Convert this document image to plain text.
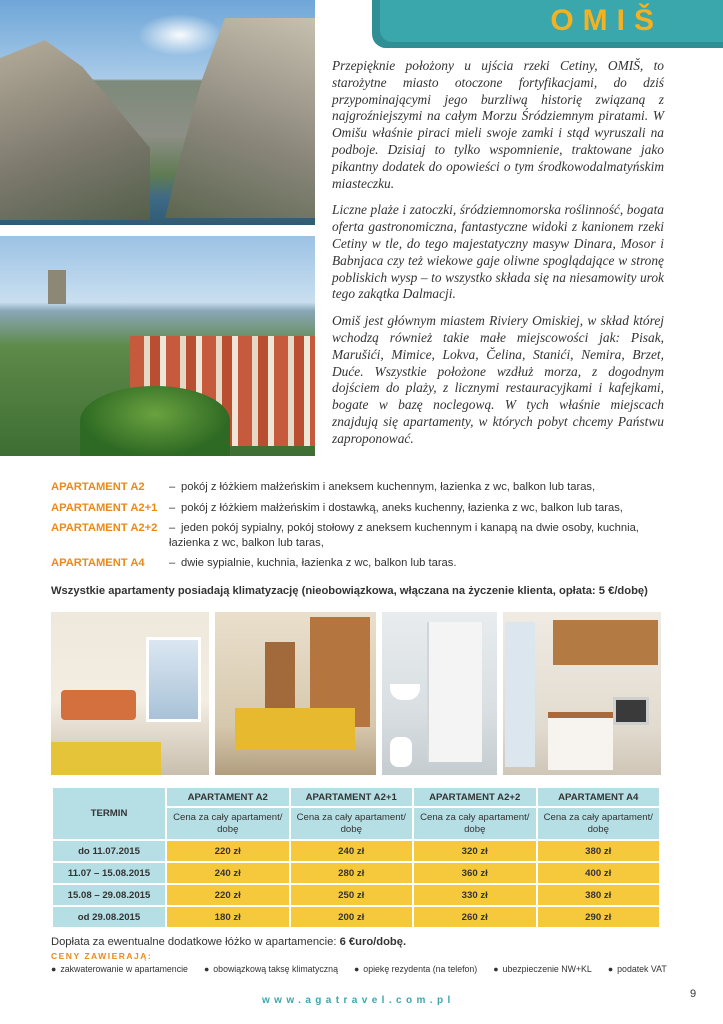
OMIŠ

Przepięknie położony u ujścia rzeki Cetiny, OMIŠ, to starożytne miasto otoczone fortyfikacjami, do dziś przypominającymi jego burzliwą historię związaną z najgroźniejszymi na całym Morzu Śródziemnym piratami. W Omišu właśnie piraci mieli swoje zamki i stąd wyruszali na podboje. Dzisiaj to tylko wspomnienie, traktowane jako pikantny dodatek do opowieści o tym środkowodalmatyńskim miasteczku.

Liczne plaże i zatoczki, śródziemnomorska roślinność, bogata oferta gastronomiczna, fantastyczne widoki z kanionem rzeki Cetiny w tle, do tego majestatyczny masyw Dinara, Mosor i Babnjaca czy też wiekowe gaje oliwne spoglądające w stronę pobliskich wysp – to wszystko składa się na niesamowity urok tego zakątka Dalmacji.

Omiš jest głównym miastem Riviery Omiskiej, w skład której wchodzą również takie małe miejscowości jak: Pisak, Marušići, Mimice, Lokva, Čelina, Stanići, Nemira, Brzet, Duće. Wszystkie położone wzdłuż morza, z dogodnym dojściem do plaży, z licznymi restauracyjkami i kafejkami, bogate w bazę noclegową. W tych właśnie miejscach znajdują się apartamenty, w których pobyt chcemy Państwu zaproponować.

APARTAMENT A2	– pokój z łóżkiem małżeńskim i aneksem kuchennym, łazienka z wc, balkon lub taras,
APARTAMENT A2+1	– pokój z łóżkiem małżeńskim i dostawką, aneks kuchenny, łazienka z wc, balkon lub taras,
APARTAMENT A2+2	– jeden pokój sypialny, pokój stołowy z aneksem kuchennym i kanapą na dwie osoby, kuchnia, łazienka z wc, balkon lub taras,
APARTAMENT A4	– dwie sypialnie, kuchnia, łazienka z wc, balkon lub taras.
Wszystkie apartamenty posiadają klimatyzację (nieobowiązkowa, włączana na życzenie klienta, opłata: 5 €/dobę)
TERMIN	APARTAMENT A2	APARTAMENT A2+1	APARTAMENT A2+2	APARTAMENT A4
	Cena za cały apartament/ dobę	Cena za cały apartament/ dobę	Cena za cały apartament/ dobę	Cena za cały apartament/ dobę
do 11.07.2015	220 zł	240 zł	320 zł	380 zł
11.07 – 15.08.2015	240 zł	280 zł	360 zł	400 zł
15.08 – 29.08.2015	220 zł	250 zł	330 zł	380 zł
od 29.08.2015	180 zł	200 zł	260 zł	290 zł
Dopłata za ewentualne dodatkowe łóżko w apartamencie: 6 €uro/dobę.
CENY ZAWIERAJĄ:
● zakwaterowanie w apartamencie ● obowiązkową taksę klimatyczną ● opiekę rezydenta (na telefon) ● ubezpieczenie NW+KL ● podatek VAT
9
www.agatravel.com.pl
